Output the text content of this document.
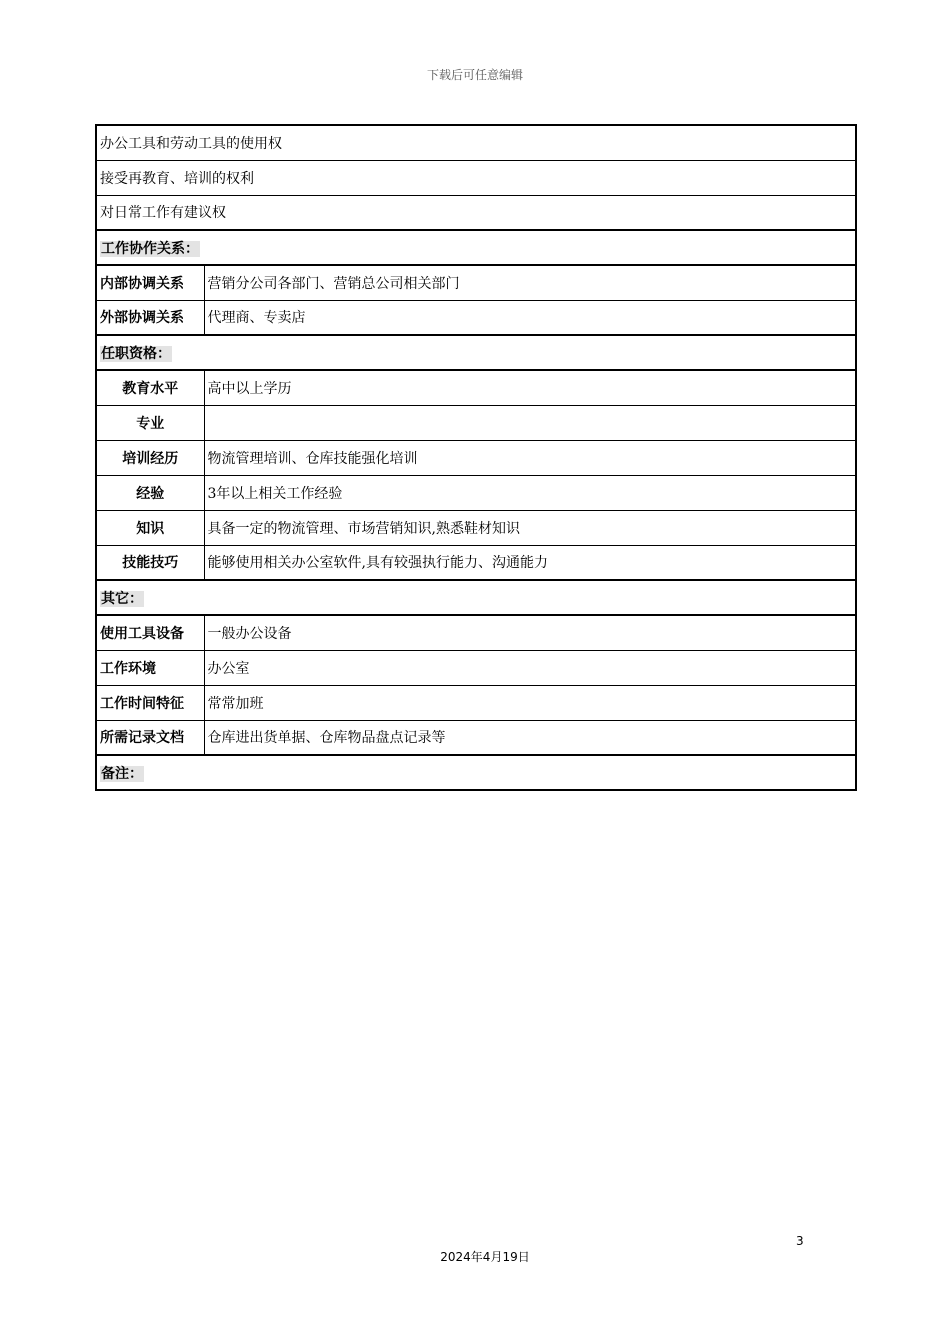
下载后可任意编辑
办公工具和劳动工具的使用权	
接受再教育、培训的权利	
对日常工作有建议权	
工作协作关系：	
内部协调关系	营销分公司各部门、营销总公司相关部门
外部协调关系	代理商、专卖店
任职资格：	
教育水平	高中以上学历
专业	
培训经历	物流管理培训、仓库技能强化培训
经验	3年以上相关工作经验
知识	具备一定的物流管理、市场营销知识,熟悉鞋材知识
技能技巧	能够使用相关办公室软件,具有较强执行能力、沟通能力
其它：	
使用工具设备	一般办公设备
工作环境	办公室
工作时间特征	常常加班
所需记录文档	仓库进出货单据、仓库物品盘点记录等
备注：	
3
2024年4月19日
